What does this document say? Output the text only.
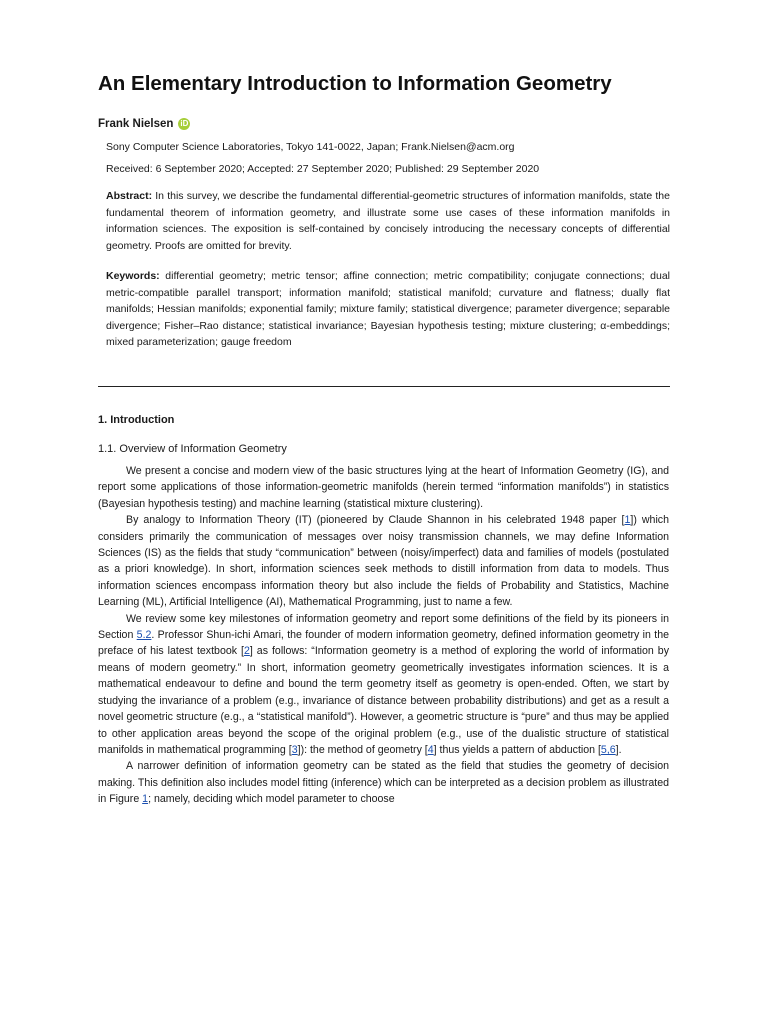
An Elementary Introduction to Information Geometry
Frank Nielsen iD
Sony Computer Science Laboratories, Tokyo 141-0022, Japan; Frank.Nielsen@acm.org
Received: 6 September 2020; Accepted: 27 September 2020; Published: 29 September 2020
Abstract: In this survey, we describe the fundamental differential-geometric structures of information manifolds, state the fundamental theorem of information geometry, and illustrate some use cases of these information manifolds in information sciences. The exposition is self-contained by concisely introducing the necessary concepts of differential geometry. Proofs are omitted for brevity.
Keywords: differential geometry; metric tensor; affine connection; metric compatibility; conjugate connections; dual metric-compatible parallel transport; information manifold; statistical manifold; curvature and flatness; dually flat manifolds; Hessian manifolds; exponential family; mixture family; statistical divergence; parameter divergence; separable divergence; Fisher–Rao distance; statistical invariance; Bayesian hypothesis testing; mixture clustering; α-embeddings; mixed parameterization; gauge freedom
1. Introduction
1.1. Overview of Information Geometry

We present a concise and modern view of the basic structures lying at the heart of Information Geometry (IG), and report some applications of those information-geometric manifolds (herein termed “information manifolds”) in statistics (Bayesian hypothesis testing) and machine learning (statistical mixture clustering).

By analogy to Information Theory (IT) (pioneered by Claude Shannon in his celebrated 1948 paper [1]) which considers primarily the communication of messages over noisy transmission channels, we may define Information Sciences (IS) as the fields that study “communication” between (noisy/imperfect) data and families of models (postulated as a priori knowledge). In short, information sciences seek methods to distill information from data to models. Thus information sciences encompass information theory but also include the fields of Probability and Statistics, Machine Learning (ML), Artificial Intelligence (AI), Mathematical Programming, just to name a few.

We review some key milestones of information geometry and report some definitions of the field by its pioneers in Section 5.2. Professor Shun-ichi Amari, the founder of modern information geometry, defined information geometry in the preface of his latest textbook [2] as follows: “Information geometry is a method of exploring the world of information by means of modern geometry.” In short, information geometry geometrically investigates information sciences. It is a mathematical endeavour to define and bound the term geometry itself as geometry is open-ended. Often, we start by studying the invariance of a problem (e.g., invariance of distance between probability distributions) and get as a result a novel geometric structure (e.g., a “statistical manifold”). However, a geometric structure is “pure” and thus may be applied to other application areas beyond the scope of the original problem (e.g., use of the dualistic structure of statistical manifolds in mathematical programming [3]): the method of geometry [4] thus yields a pattern of abduction [5,6].

A narrower definition of information geometry can be stated as the field that studies the geometry of decision making. This definition also includes model fitting (inference) which can be interpreted as a decision problem as illustrated in Figure 1; namely, deciding which model parameter to choose
